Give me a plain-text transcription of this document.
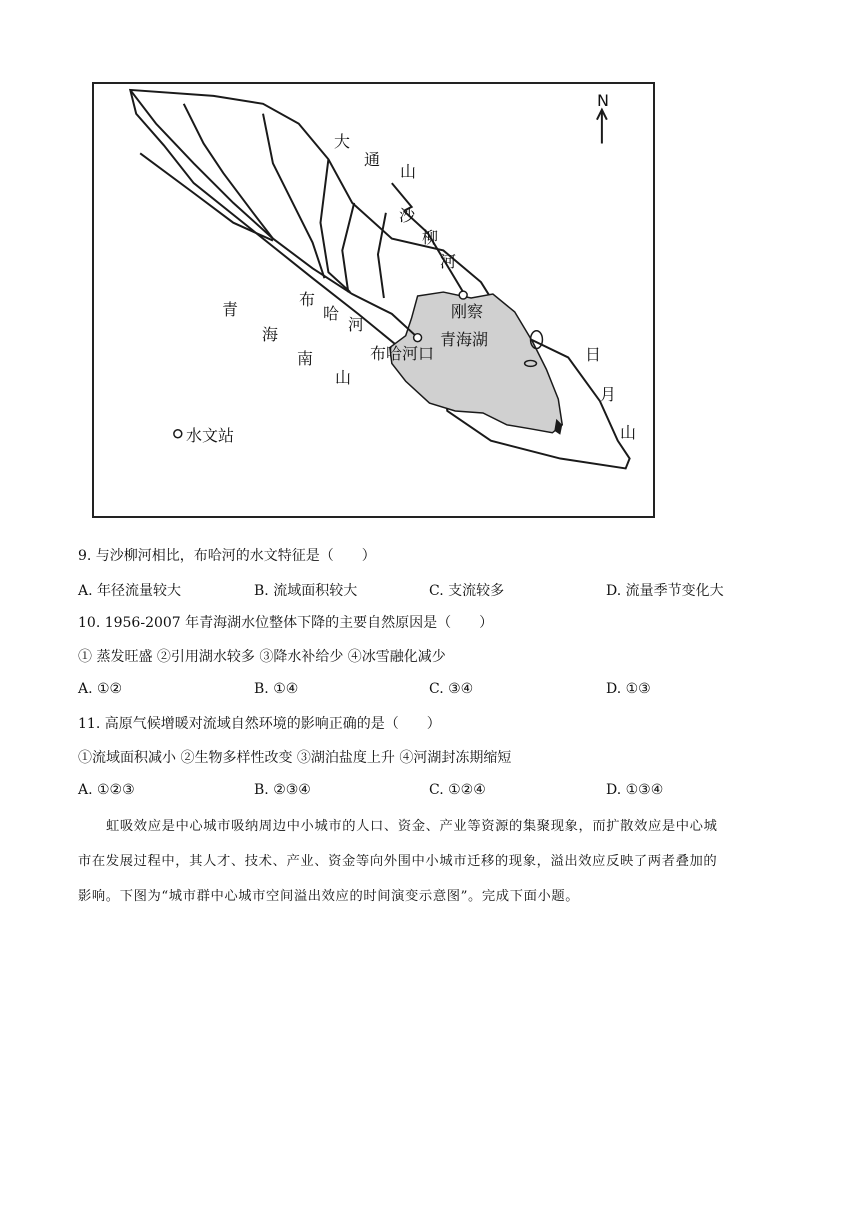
N
大
通
山
沙
柳
河
刚察
青海湖
布
哈
河
布哈河口
青
海
南
山
日
月
山
水文站
9. 与沙柳河相比，布哈河的水文特征是（　　）
A. 年径流量较大	B. 流域面积较大	C. 支流较多	D. 流量季节变化大
10. 1956-2007 年青海湖水位整体下降的主要自然原因是（　　）
① 蒸发旺盛 ②引用湖水较多 ③降水补给少 ④冰雪融化减少
A. ①②	B. ①④	C. ③④	D. ①③
11. 高原气候增暖对流域自然环境的影响正确的是（　　）
①流域面积减小 ②生物多样性改变 ③湖泊盐度上升 ④河湖封冻期缩短
A. ①②③	B. ②③④	C. ①②④	D. ①③④
虹吸效应是中心城市吸纳周边中小城市的人口、资金、产业等资源的集聚现象，而扩散效应是中心城
市在发展过程中，其人才、技术、产业、资金等向外围中小城市迁移的现象，溢出效应反映了两者叠加的
影响。下图为“城市群中心城市空间溢出效应的时间演变示意图”。完成下面小题。
